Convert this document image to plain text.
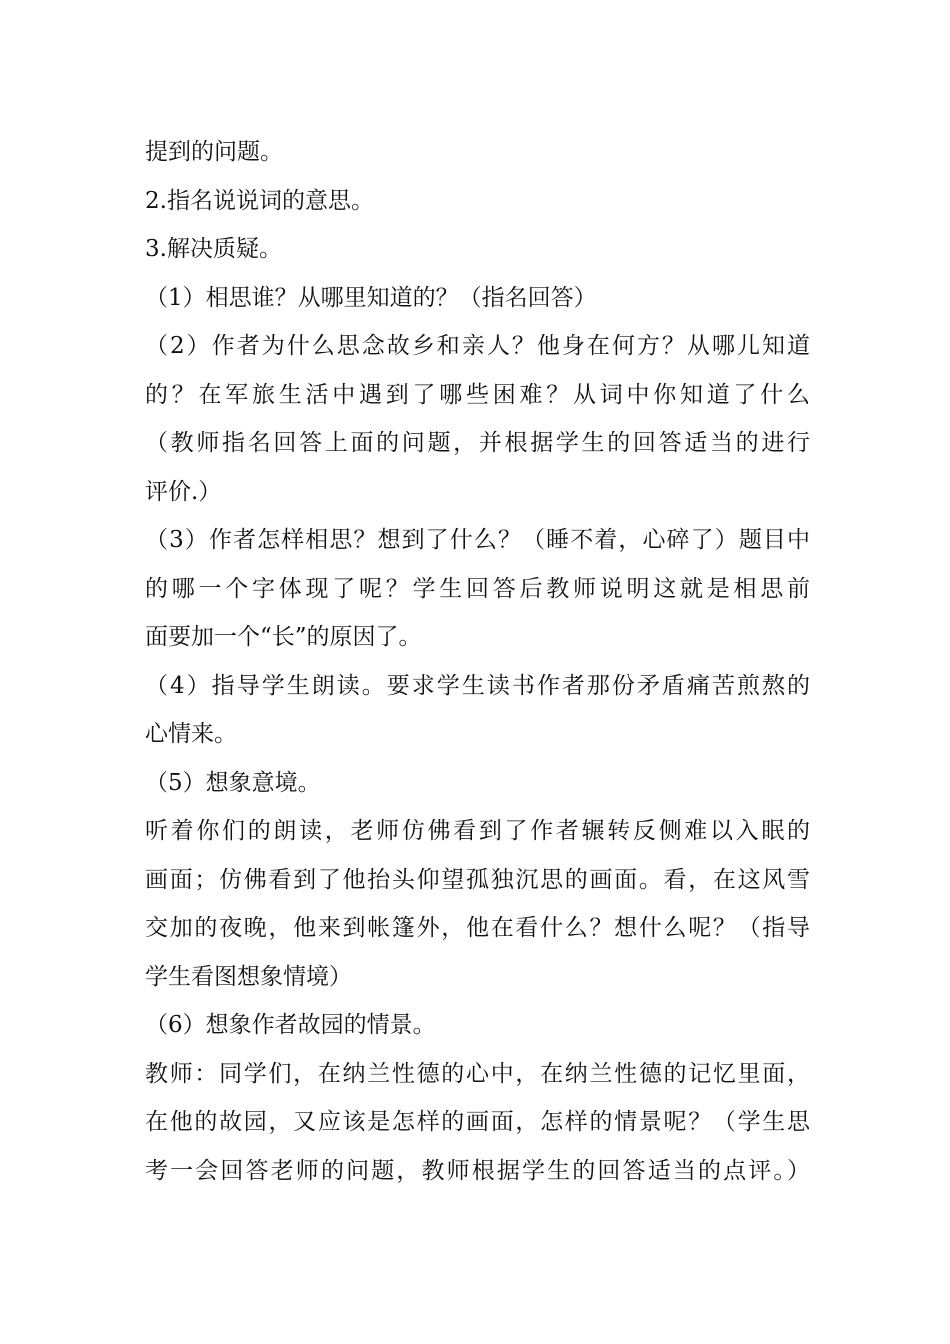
提到的问题。
2.指名说说词的意思。
3.解决质疑。
（1）相思谁？从哪里知道的？（指名回答）
（2）作者为什么思念故乡和亲人？他身在何方？从哪儿知道
的？在军旅生活中遇到了哪些困难？从词中你知道了什么
（教师指名回答上面的问题，并根据学生的回答适当的进行
评价.）
（3）作者怎样相思？想到了什么？（睡不着，心碎了）题目中
的哪一个字体现了呢？学生回答后教师说明这就是相思前
面要加一个“长”的原因了。
（4）指导学生朗读。要求学生读书作者那份矛盾痛苦煎熬的
心情来。
（5）想象意境。
听着你们的朗读，老师仿佛看到了作者辗转反侧难以入眠的
画面；仿佛看到了他抬头仰望孤独沉思的画面。看，在这风雪
交加的夜晚，他来到帐篷外，他在看什么？想什么呢？（指导
学生看图想象情境）
（6）想象作者故园的情景。
教师：同学们，在纳兰性德的心中，在纳兰性德的记忆里面，
在他的故园，又应该是怎样的画面，怎样的情景呢？（学生思
考一会回答老师的问题，教师根据学生的回答适当的点评。）
